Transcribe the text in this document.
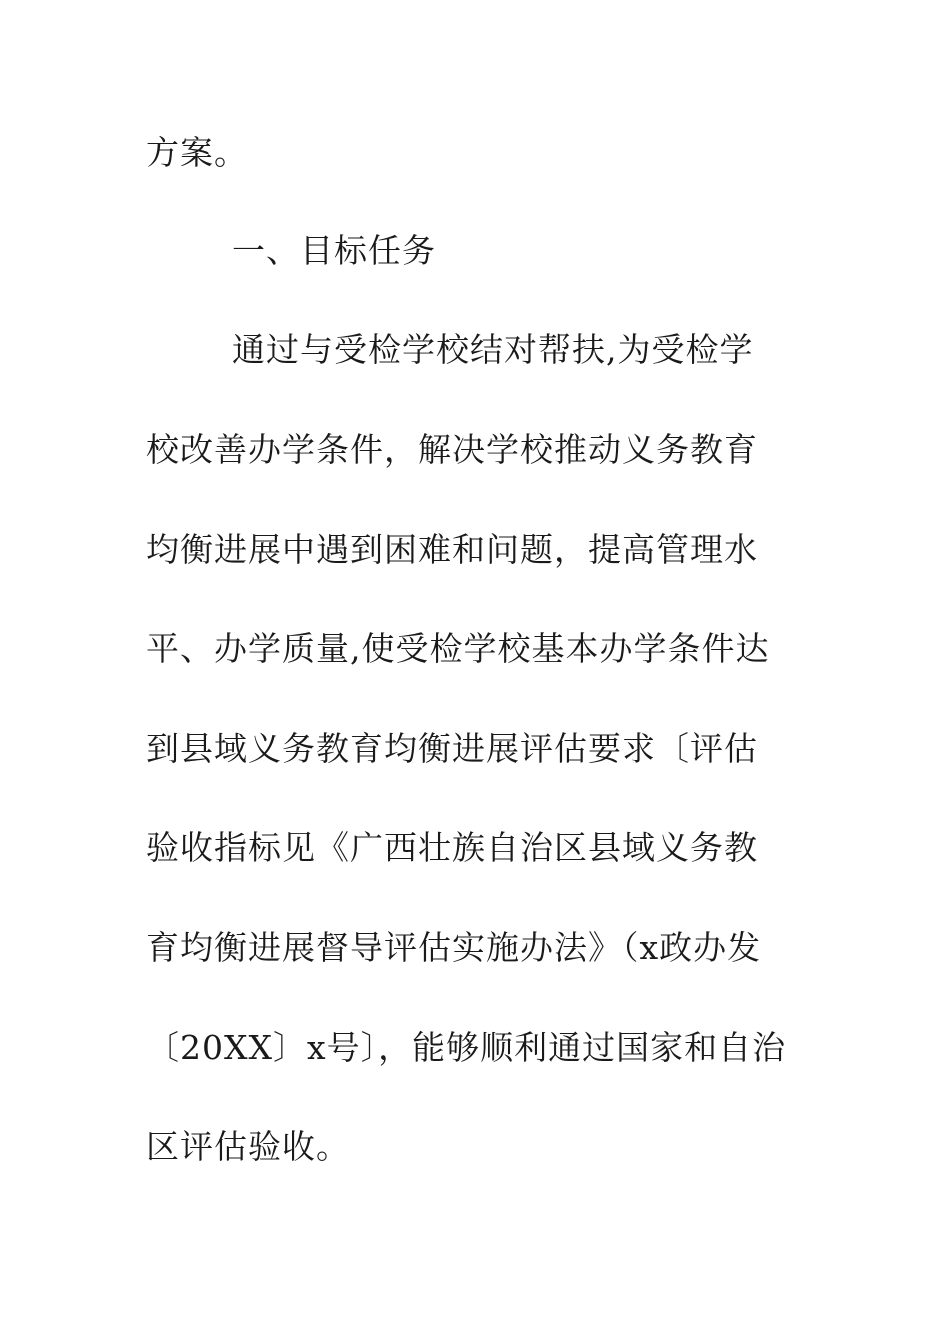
方案。
一、目标任务
通过与受检学校结对帮扶,为受检学
校改善办学条件，解决学校推动义务教育
均衡进展中遇到困难和问题，提高管理水
平、办学质量,使受检学校基本办学条件达
到县域义务教育均衡进展评估要求〔评估
验收指标见《广西壮族自治区县域义务教
育均衡进展督导评估实施办法》（x政办发
〔20XX〕x号〕，能够顺利通过国家和自治
区评估验收。
